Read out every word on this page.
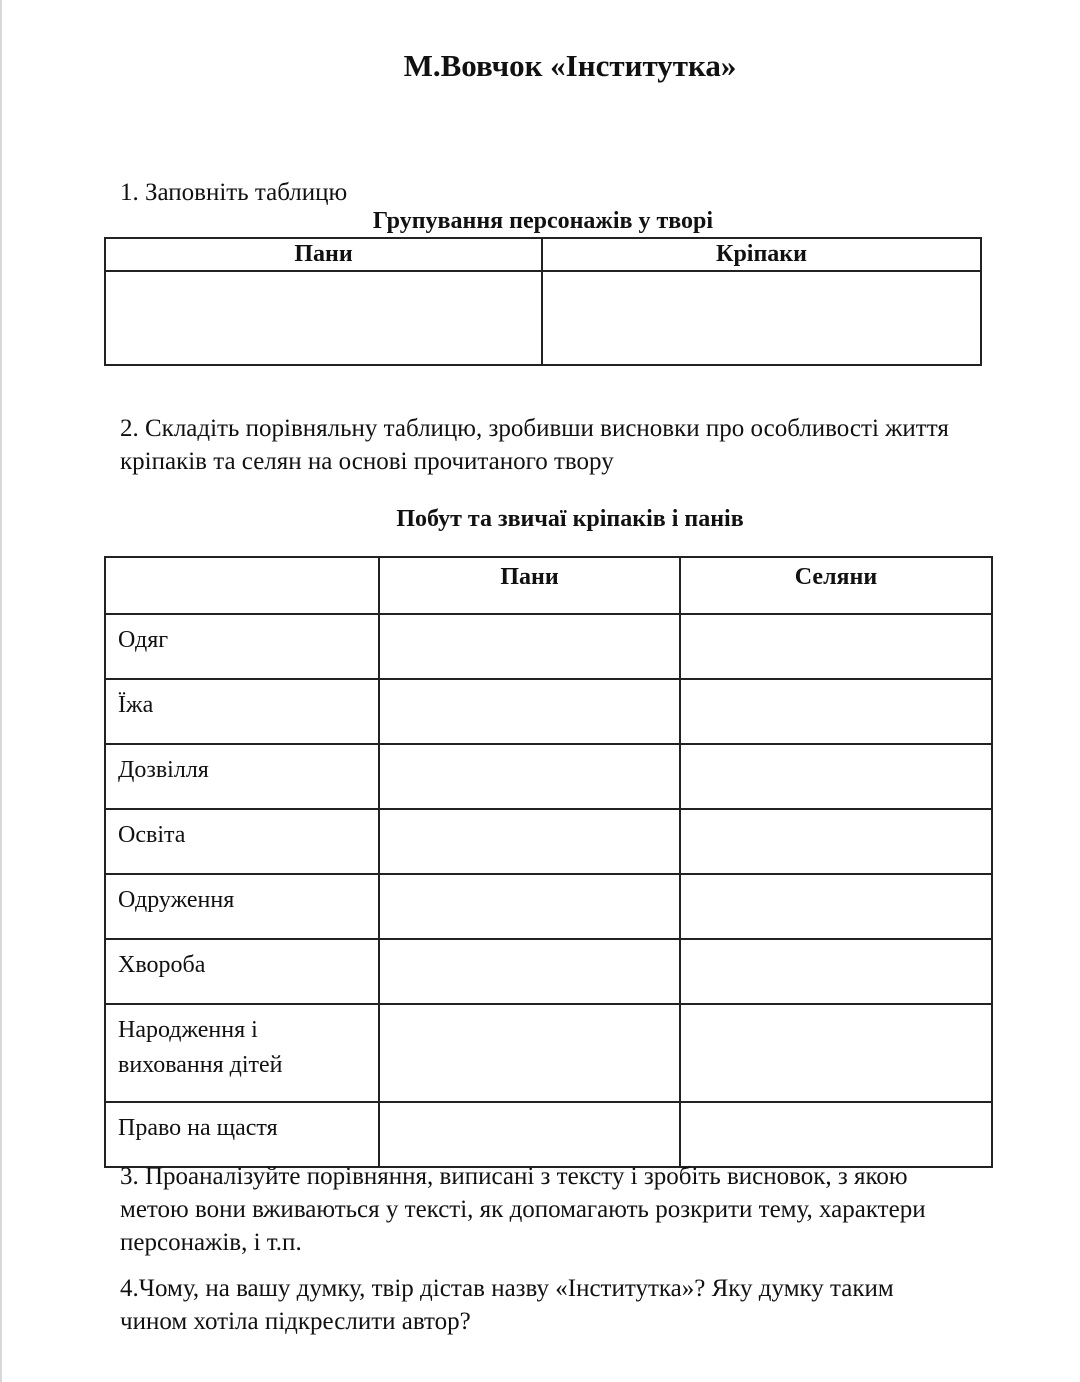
М.Вовчок «Інститутка»
1. Заповніть таблицю
Групування персонажів у творі
Пани	Кріпаки

2. Складіть порівняльну таблицю, зробивши висновки про особливості життя
кріпаків та селян на основі прочитаного твору
Побут та звичаї кріпаків і панів
	Пани	Селяни
Одяг		
Їжа		
Дозвілля		
Освіта		
Одруження		
Хвороба		

Народження і
виховання дітей		

Право на щастя		
3. Проаналізуйте порівняння, виписані з тексту і зробіть висновок, з якою
метою вони вживаються у тексті, як допомагають розкрити тему, характери
персонажів, і т.п.
4.Чому, на вашу думку, твір дістав назву «Інститутка»? Яку думку таким
чином хотіла підкреслити автор?
